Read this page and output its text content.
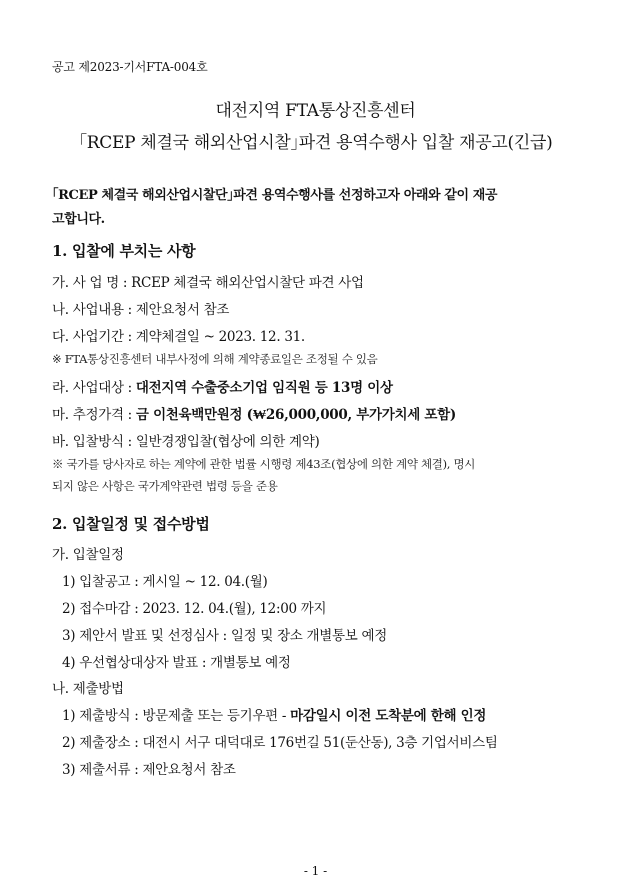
공고 제2023-기서FTA-004호
대전지역 FTA통상진흥센터
｢RCEP 체결국 해외산업시찰｣파견 용역수행사 입찰 재공고(긴급)
｢RCEP 체결국 해외산업시찰단｣파견 용역수행사를 선정하고자 아래와 같이 재공
고합니다.
1. 입찰에 부치는 사항
가. 사 업 명 : RCEP 체결국 해외산업시찰단 파견 사업
나. 사업내용 : 제안요청서 참조
다. 사업기간 : 계약체결일 ~ 2023. 12. 31.
※ FTA통상진흥센터 내부사정에 의해 계약종료일은 조정될 수 있음
라. 사업대상 : 대전지역 수출중소기업 임직원 등 13명 이상
마. 추정가격 : 금 이천육백만원정 (₩26,000,000, 부가가치세 포함)
바. 입찰방식 : 일반경쟁입찰(협상에 의한 계약)
※ 국가를 당사자로 하는 계약에 관한 법률 시행령 제43조(협상에 의한 계약 체결), 명시
되지 않은 사항은 국가계약관련 법령 등을 준용
2. 입찰일정 및 접수방법
가. 입찰일정
1) 입찰공고 : 게시일 ~ 12. 04.(월)
2) 접수마감 : 2023. 12. 04.(월), 12:00 까지
3) 제안서 발표 및 선정심사 : 일정 및 장소 개별통보 예정
4) 우선협상대상자 발표 : 개별통보 예정
나. 제출방법
1) 제출방식 : 방문제출 또는 등기우편 - 마감일시 이전 도착분에 한해 인정
2) 제출장소 : 대전시 서구 대덕대로 176번길 51(둔산동), 3층 기업서비스팀
3) 제출서류 : 제안요청서 참조
- 1 -
